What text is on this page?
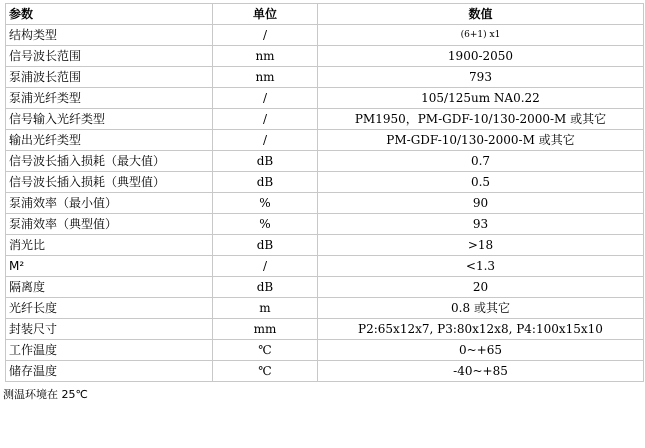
参数	单位	数值
结构类型	/	(6+1) x1
信号波长范围	nm	1900-2050
泵浦波长范围	nm	793
泵浦光纤类型	/	105/125um NA0.22
信号输入光纤类型	/	PM1950，PM-GDF-10/130-2000-M 或其它
输出光纤类型	/	PM-GDF-10/130-2000-M 或其它
信号波长插入损耗（最大值）	dB	0.7
信号波长插入损耗（典型值）	dB	0.5
泵浦效率（最小值）	%	90
泵浦效率（典型值）	%	93
消光比	dB	>18
M²	/	<1.3
隔离度	dB	20
光纤长度	m	0.8 或其它
封装尺寸	mm	P2:65x12x7, P3:80x12x8, P4:100x15x10
工作温度	℃	0~+65
储存温度	℃	-40~+85
测温环境在 25℃
